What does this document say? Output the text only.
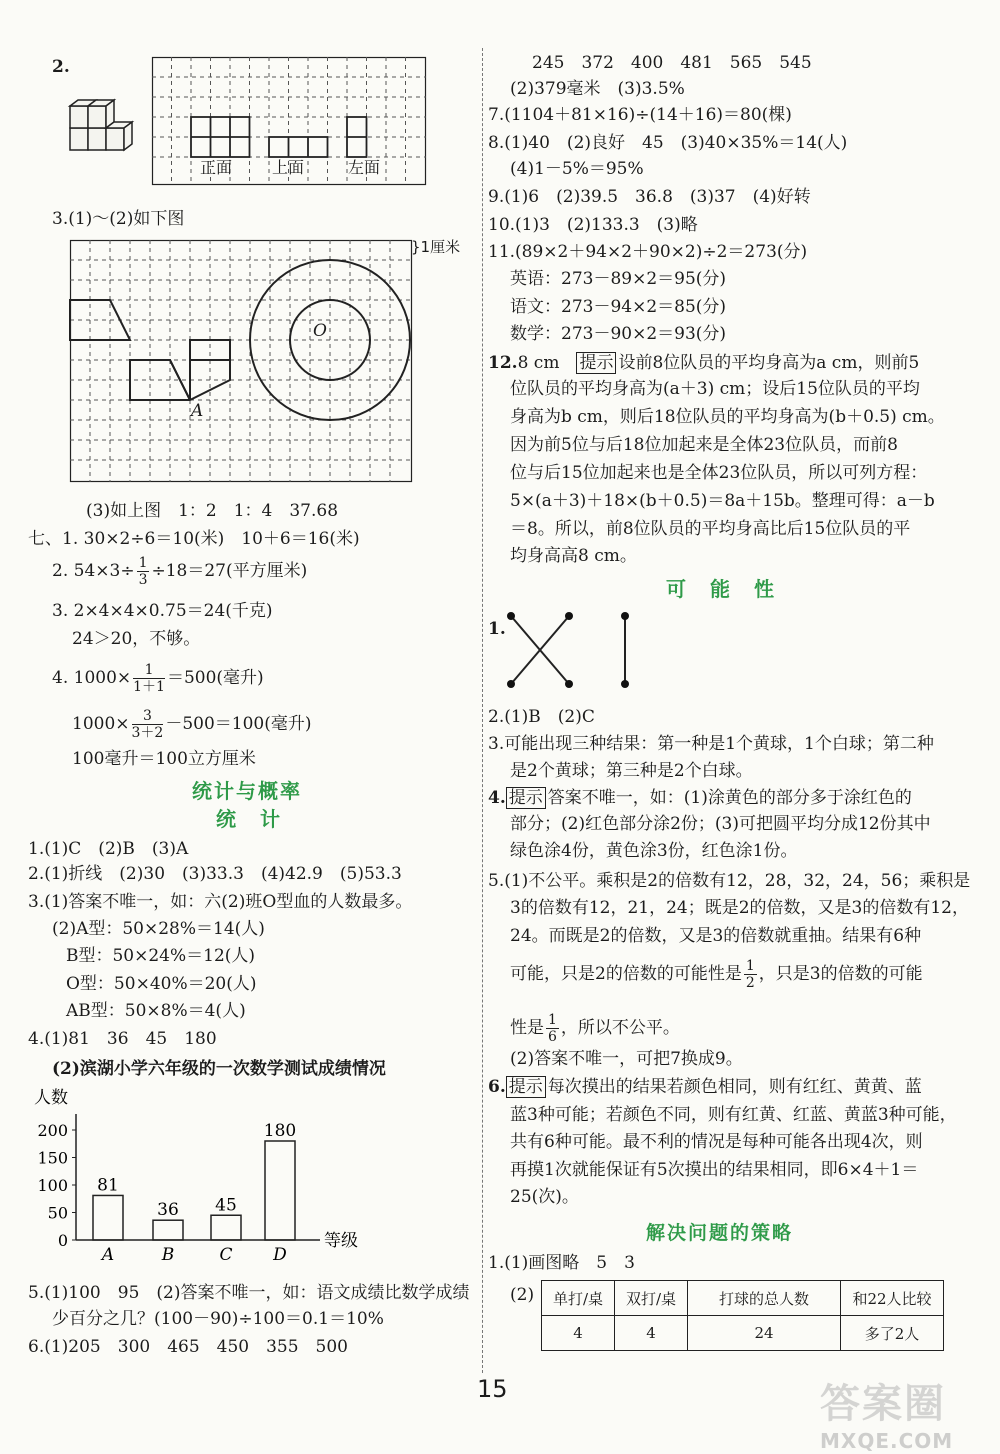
2.
正面 上面	左面
3.(1)～(2)如下图
}1厘米
O
A
(3)如上图　1：2　1：4　37.68
七、1. 30×2÷6＝10(米)　10＋6＝16(米)
2. $54\times 3\div \frac{1}{3} \div 18=27$(平方厘米)
3. 2×4×4×0.75＝24(千克)
24＞20，不够。
4. $1000\times \frac{1}{1+1} =500$(毫升)
$1000\times \frac{3}{3+2} -500=100$(毫升)
100毫升＝100立方厘米
统计与概率
统　计
1.(1)C　(2)B　(3)A
2.(1)折线　(2)30　(3)33.3　(4)42.9　(5)53.3
3.(1)答案不唯一，如：六(2)班O型血的人数最多。
(2)A型：50×28%＝14(人)
B型：50×24%＝12(人)
O型：50×40%＝20(人)
AB型：50×8%＝4(人)
4.(1)81　36　45　180
(2)滨湖小学六年级的一次数学测试成绩情况
人数
等级
0
50
100
150
200
81
A
36
B
45
C
180
D
5.(1)100　95　(2)答案不唯一，如：语文成绩比数学成绩
少百分之几？(100－90)÷100＝0.1＝10%
6.(1)205　300　465　450　355　500
245　372　400　481　565　545
(2)379毫米　(3)3.5%
7.(1104＋81×16)÷(14＋16)＝80(棵)
8.(1)40　(2)良好　45　(3)40×35%＝14(人)
(4)1－5%＝95%
9.(1)6　(2)39.5　36.8　(3)37　(4)好转
10.(1)3　(2)133.3　(3)略
11.(89×2＋94×2＋90×2)÷2＝273(分)
英语：273－89×2＝95(分)
语文：273－94×2＝85(分)
数学：273－90×2＝93(分)
12.8 cm　 提示 设前8位队员的平均身高为a cm，则前5
位队员的平均身高为(a＋3) cm；设后15位队员的平均
身高为b cm，则后18位队员的平均身高为(b＋0.5) cm。
因为前5位与后18位加起来是全体23位队员，而前8
位与后15位加起来也是全体23位队员，所以可列方程：
5×(a＋3)＋18×(b＋0.5)＝8a＋15b。整理可得：a－b
＝8。所以，前8位队员的平均身高比后15位队员的平
均身高高8 cm。
可　能　性
1.
2.(1)B　(2)C
3.可能出现三种结果：第一种是1个黄球，1个白球；第二种
是2个黄球；第三种是2个白球。
4. 提示 答案不唯一，如：(1)涂黄色的部分多于涂红色的
部分；(2)红色部分涂2份；(3)可把圆平均分成12份其中
绿色涂4份，黄色涂3份，红色涂1份。
5.(1)不公平。乘积是2的倍数有12，28，32，24，56；乘积是
3的倍数有12，21，24；既是2的倍数，又是3的倍数有12，
24。而既是2的倍数，又是3的倍数就重抽。结果有6种
可能，只是2的倍数的可能性是 $\frac{1}{2}$ ，只是3的倍数的可能
性是 $\frac{1}{6}$ ，所以不公平。
(2)答案不唯一，可把7换成9。
6. 提示 每次摸出的结果若颜色相同，则有红红、黄黄、蓝
蓝3种可能；若颜色不同，则有红黄、红蓝、黄蓝3种可能，
共有6种可能。最不利的情况是每种可能各出现4次，则
再摸1次就能保证有5次摸出的结果相同，即6×4＋1＝
25(次)。
解决问题的策略
1.(1)画图略　5　3
(2) 单打/桌	双打/桌	打球的总人数	和22人比较
4	4	24	多了2人
15	答案圈
MXQE.COM
